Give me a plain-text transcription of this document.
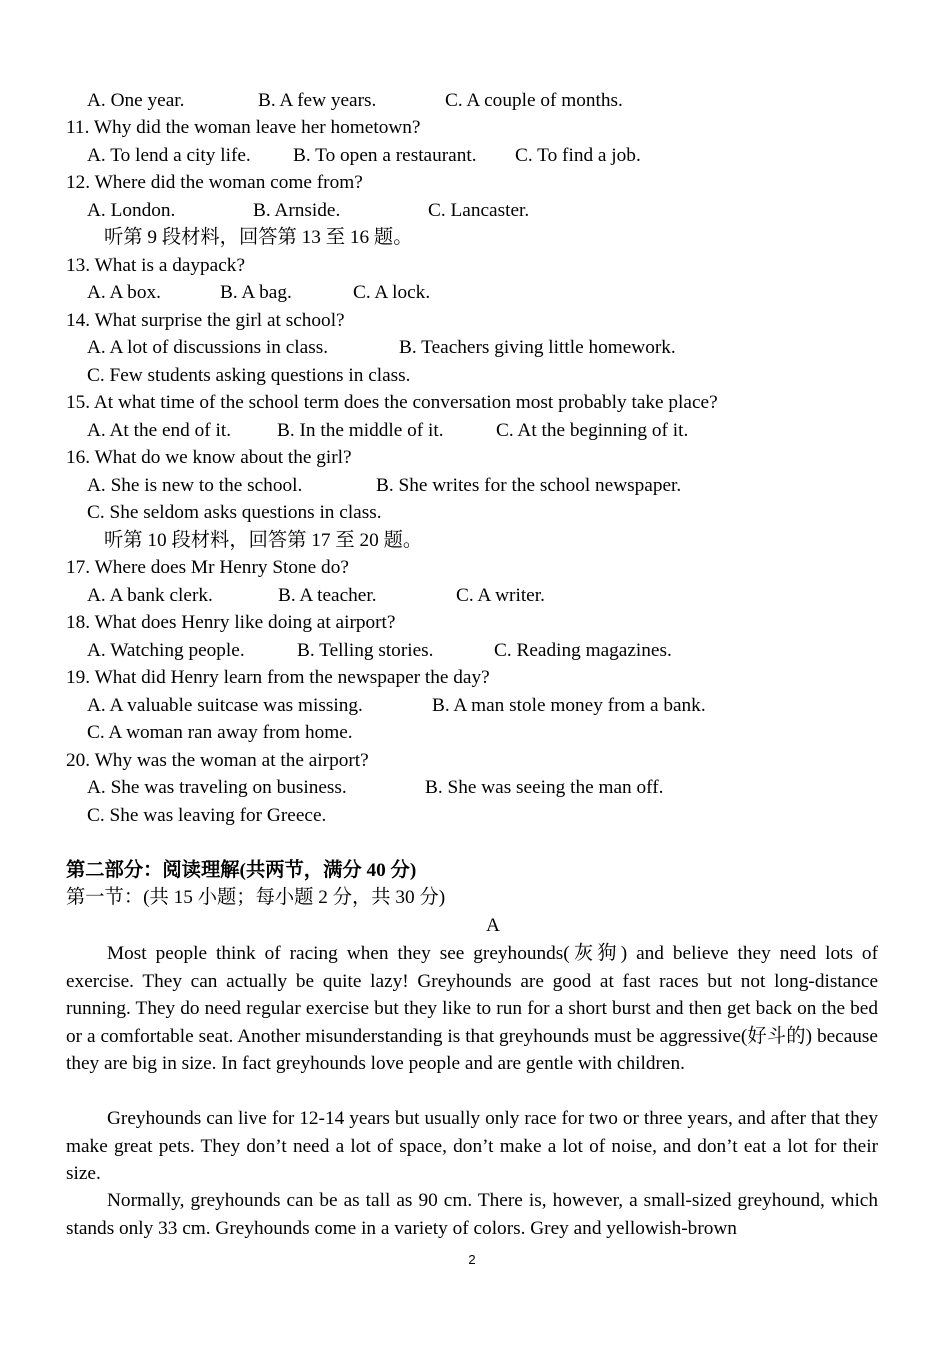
A. One year.	B. A few years.	C. A couple of months.
11. Why did the woman leave her hometown?
A. To lend a city life. B. To open a restaurant. C. To find a job.
12. Where did the woman come from?
A. London.	B. Arnside.	C. Lancaster.
听第 9 段材料，回答第 13 至 16 题。
13. What is a daypack?
A. A box.	B. A bag.	C. A lock.
14. What surprise the girl at school?
A. A lot of discussions in class.	B. Teachers giving little homework.
C. Few students asking questions in class.
15. At what time of the school term does the conversation most probably take place?
A. At the end of it. B. In the middle of it.	C. At the beginning of it.
16. What do we know about the girl?
A. She is new to the school.	B. She writes for the school newspaper.
C. She seldom asks questions in class.
听第 10 段材料，回答第 17 至 20 题。
17. Where does Mr Henry Stone do?
A. A bank clerk.	B. A teacher.	C. A writer.
18. What does Henry like doing at airport?
A. Watching people.	B. Telling stories.	C. Reading magazines.
19. What did Henry learn from the newspaper the day?
A. A valuable suitcase was missing.	B. A man stole money from a bank.
C. A woman ran away from home.
20. Why was the woman at the airport?
A. She was traveling on business.	B. She was seeing the man off.
C. She was leaving for Greece.
第二部分：阅读理解(共两节，满分 40 分)
第一节：(共 15 小题；每小题 2 分，共 30 分)
A
Most people think of racing when they see greyhounds(灰狗) and believe they need lots of exercise. They can actually be quite lazy! Greyhounds are good at fast races but not long-distance running. They do need regular exercise but they like to run for a short burst and then get back on the bed or a comfortable seat. Another misunderstanding is that greyhounds must be aggressive(好斗的) because they are big in size. In fact greyhounds love people and are gentle with children.
Greyhounds can live for 12-14 years but usually only race for two or three years, and after that they make great pets. They don’t need a lot of space, don’t make a lot of noise, and don’t eat a lot for their size.
Normally, greyhounds can be as tall as 90 cm. There is, however, a small-sized greyhound, which stands only 33 cm. Greyhounds come in a variety of colors. Grey and yellowish-brown
2
